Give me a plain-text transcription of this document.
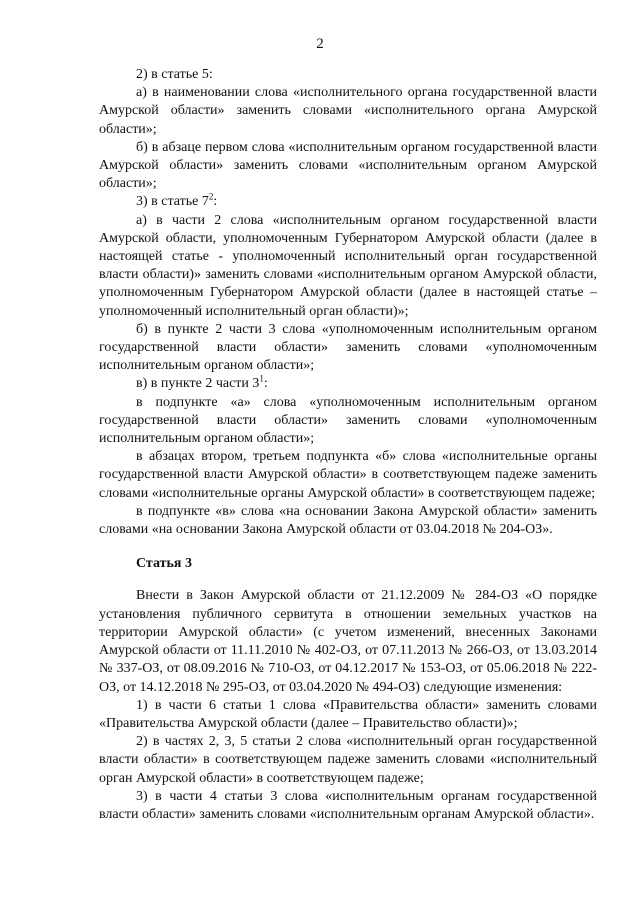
2

2) в статье 5:

а) в наименовании слова «исполнительного органа государственной власти Амурской области» заменить словами «исполнительного органа Амурской области»;

б) в абзаце первом слова «исполнительным органом государственной власти Амурской области» заменить словами «исполнительным органом Амурской области»;

3) в статье $7^2$:

а) в части 2 слова «исполнительным органом государственной власти Амурской области, уполномоченным Губернатором Амурской области (далее в настоящей статье - уполномоченный исполнительный орган государственной власти области)» заменить словами «исполнительным органом Амурской области, уполномоченным Губернатором Амурской области (далее в настоящей статье – уполномоченный исполнительный орган области)»;

б) в пункте 2 части 3 слова «уполномоченным исполнительным органом государственной власти области» заменить словами «уполномоченным исполнительным органом области»;

в) в пункте 2 части $3^1$:

в подпункте «а» слова «уполномоченным исполнительным органом государственной власти области» заменить словами «уполномоченным исполнительным органом области»;

в абзацах втором, третьем подпункта «б» слова «исполнительные органы государственной власти Амурской области» в соответствующем падеже заменить словами «исполнительные органы Амурской области» в соответствующем падеже;

в подпункте «в» слова «на основании Закона Амурской области» заменить словами «на основании Закона Амурской области от 03.04.2018 № 204-ОЗ».

Статья 3

Внести в Закон Амурской области от 21.12.2009 № 284-ОЗ «О порядке установления публичного сервитута в отношении земельных участков на территории Амурской области» (с учетом изменений, внесенных Законами Амурской области от 11.11.2010 № 402-ОЗ, от 07.11.2013 № 266-ОЗ, от 13.03.2014 № 337-ОЗ, от 08.09.2016 № 710-ОЗ, от 04.12.2017 № 153-ОЗ, от 05.06.2018 № 222-ОЗ, от 14.12.2018 № 295-ОЗ, от 03.04.2020 № 494-ОЗ) следующие изменения:

1) в части 6 статьи 1 слова «Правительства области» заменить словами «Правительства Амурской области (далее – Правительство области)»;

2) в частях 2, 3, 5 статьи 2 слова «исполнительный орган государственной власти области» в соответствующем падеже заменить словами «исполнительный орган Амурской области» в соответствующем падеже;

3) в части 4 статьи 3 слова «исполнительным органам государственной власти области» заменить словами «исполнительным органам Амурской области».
